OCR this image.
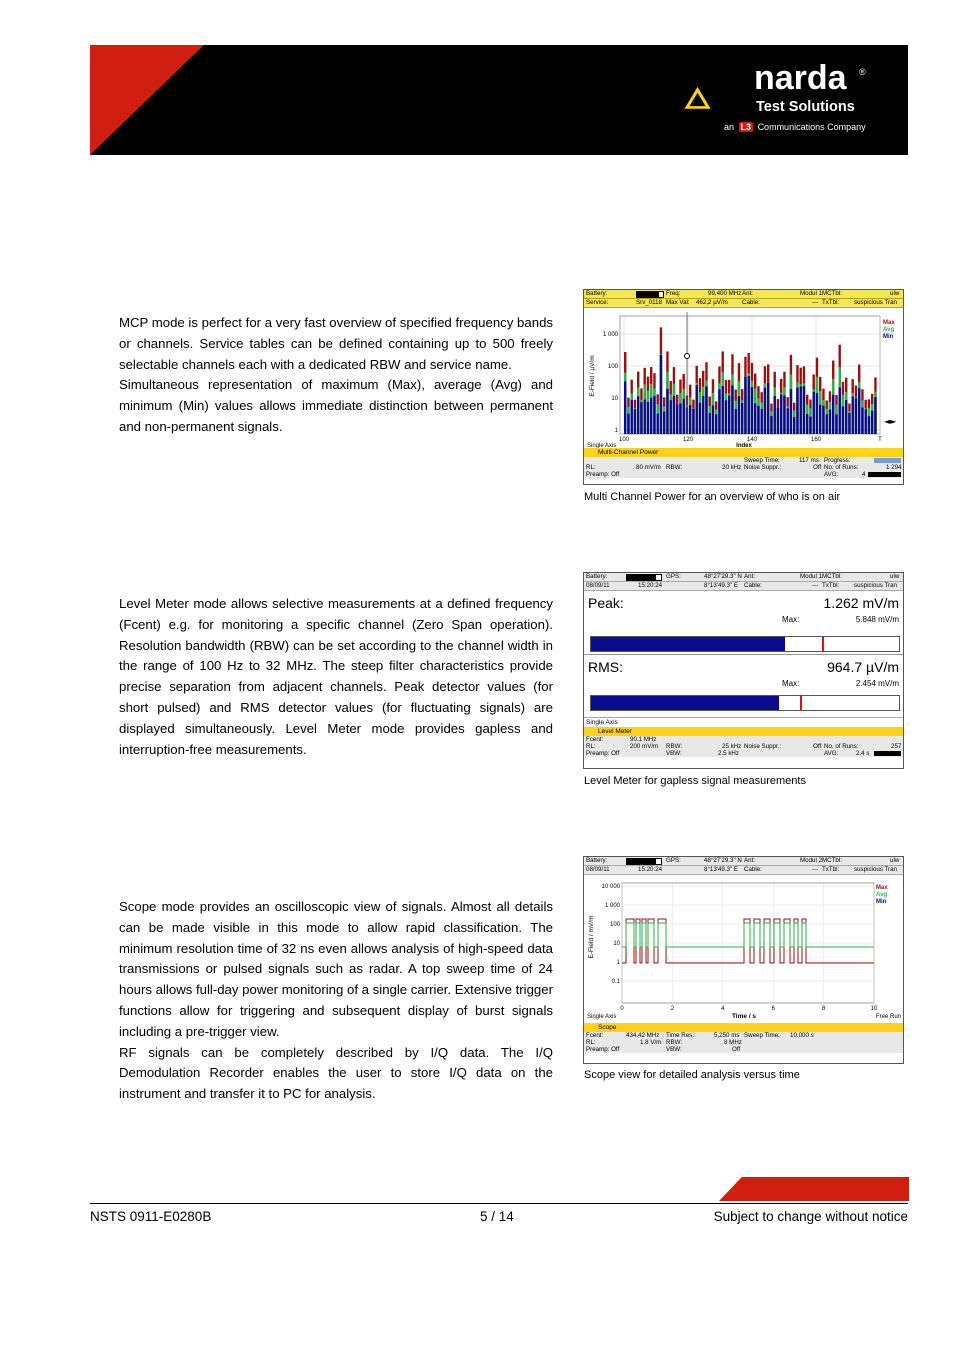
narda ®
Test Solutions
an L3 Communications Company

MCP mode is perfect for a very fast overview of specified frequency bands or channels. Service tables can be defined containing up to 500 freely selectable channels each with a dedicated RBW and service name.

Simultaneous representation of maximum (Max), average (Avg) and minimum (Min) values allows immediate distinction between permanent and non-permanent signals.

Battery:	Freq:	99,400 MHz Ant:	Modul 1 MCTbl:	ulw
Service:	Srv_0118 Max Val: 462,2 µV/m Cable:	--- TxTbl: suspicious Tran
1 000
100
10
1
100	120	140	160	T
Index
E-Field / µV/m
Single Axis
Max
Avg
Min
◄►
Multi-Channel Power
Sweep Time:	117 ms Progress:
RL:	80 mV/m RBW:	20 kHz Noise Suppr.:	Off No. of Runs:	1 294
Preamp: Off	AVG:	4
Multi Channel Power for an overview of who is on air

Level Meter mode allows selective measurements at a defined frequency (Fcent) e.g. for monitoring a specific channel (Zero Span operation). Resolution bandwidth (RBW) can be set according to the channel width in the range of 100 Hz to 32 MHz. The steep filter characteristics provide precise separation from adjacent channels. Peak detector values (for short pulsed) and RMS detector values (for fluctuating signals) are displayed simultaneously. Level Meter mode provides gapless and interruption-free measurements.

Battery:	GPS:	48°27'29.3" N Ant:	Modul 1 MCTbl:	ulw
08/09/11	15:20:24	8°13'49.3" E Cable:	--- TxTbl: suspicious Tran
Peak:	1.262 mV/m
Max:	5.848 mV/m
RMS:	964.7 µV/m
Max:	2.454 mV/m
Single Axis
Level Meter
Fcent:	90.1 MHz
RL:	200 mV/m RBW:	25 kHz Noise Suppr.:	Off No. of Runs:	257
Preamp: Off	VBW:	2.5 kHz	AVG:	2.4 s
Level Meter for gapless signal measurements

Scope mode provides an oscilloscopic view of signals. Almost all details can be made visible in this mode to allow rapid classification. The minimum resolution time of 32 ns even allows analysis of high-speed data transmissions or pulsed signals such as radar. A top sweep time of 24 hours allows full-day power monitoring of a single carrier. Extensive trigger functions allow for triggering and subsequent display of burst signals including a pre-trigger view.

RF signals can be completely described by I/Q data. The I/Q Demodulation Recorder enables the user to store I/Q data on the instrument and transfer it to PC for analysis.

Battery:	GPS:	48°27'29.3" N Ant:	Modul 2 MCTbl:	ulw
08/09/11	15:20:24	8°13'49.3" E Cable:	--- TxTbl: suspicious Tran
10 000
1 000
100
10
1
0.1
0	2	4	6	8	10
Time / s
E-Field / mV/m
Single Axis	Free Run
Max
Avg
Min
Scope
Fcent:	434.42 MHz Time Res.:	5,250 ms Sweep Time: 10.000 s
RL:	1.8 V/m RBW:	8 MHz
Preamp: Off	VBW:	Off
Scope view for detailed analysis versus time
NSTS 0911-E0280B	5 / 14	Subject to change without notice
